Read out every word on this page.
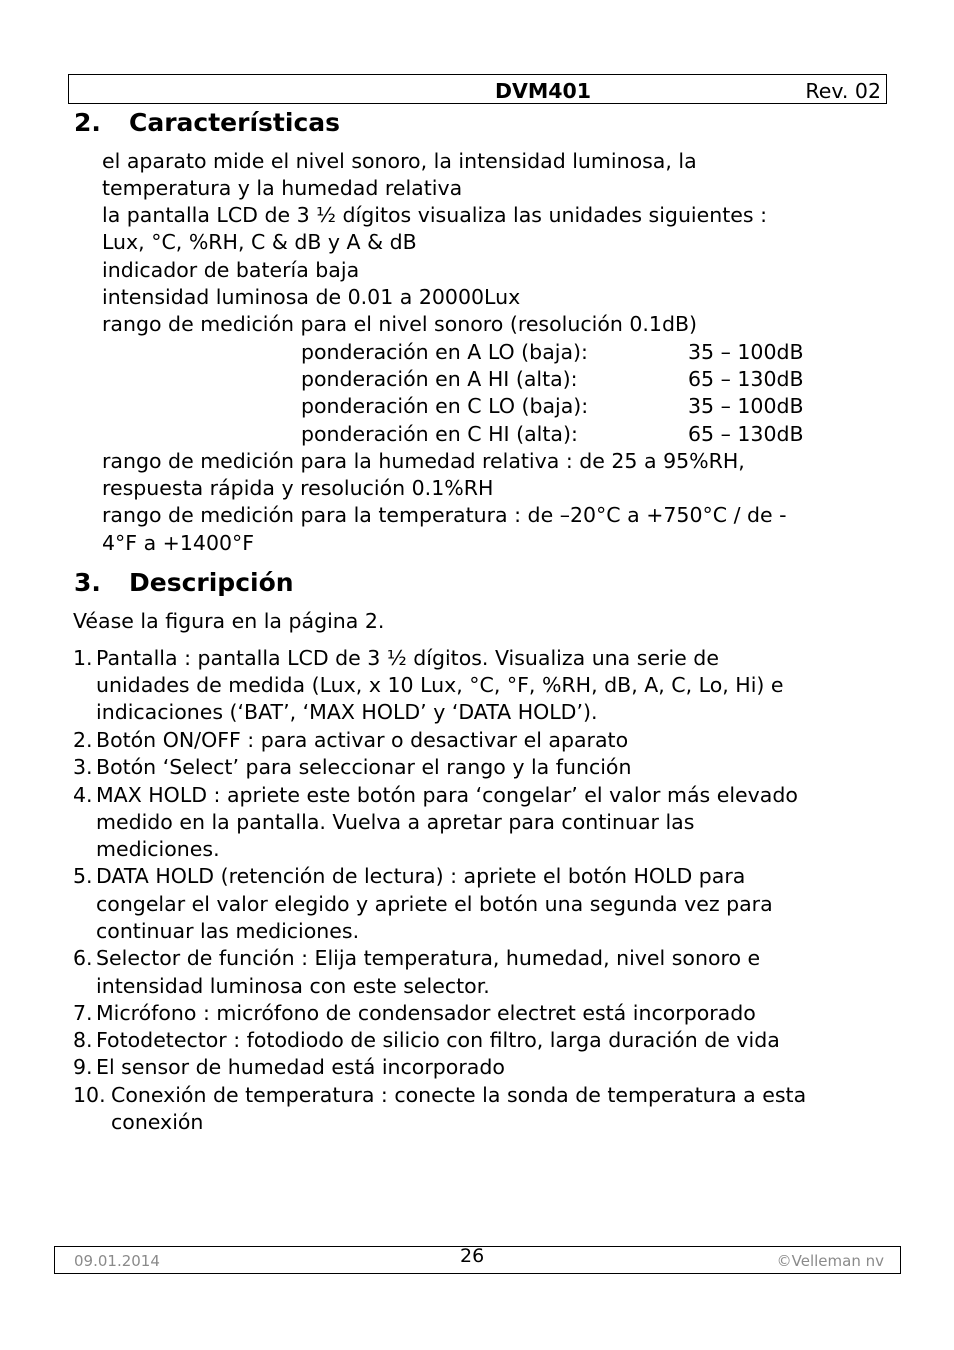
DVM401	Rev. 02
2. Características
el aparato mide el nivel sonoro, la intensidad luminosa, la
temperatura y la humedad relativa
la pantalla LCD de 3 ½ dígitos visualiza las unidades siguientes :
Lux, °C, %RH, C & dB y A & dB
indicador de batería baja
intensidad luminosa de 0.01 a 20000Lux
rango de medición para el nivel sonoro (resolución 0.1dB)
ponderación en A LO (baja):	35 – 100dB
ponderación en A HI (alta):	65 – 130dB
ponderación en C LO (baja):	35 – 100dB
ponderación en C HI (alta):	65 – 130dB
rango de medición para la humedad relativa : de 25 a 95%RH,
respuesta rápida y resolución 0.1%RH
rango de medición para la temperatura : de –20°C a +750°C / de -
4°F a +1400°F
3. Descripción
Véase la figura en la página 2.
1. Pantalla : pantalla LCD de 3 ½ dígitos. Visualiza una serie de
unidades de medida (Lux, x 10 Lux, °C, °F, %RH, dB, A, C, Lo, Hi) e
indicaciones (‘BAT’, ‘MAX HOLD’ y ‘DATA HOLD’).
2. Botón ON/OFF : para activar o desactivar el aparato
3. Botón ‘Select’ para seleccionar el rango y la función
4. MAX HOLD : apriete este botón para ‘congelar’ el valor más elevado
medido en la pantalla. Vuelva a apretar para continuar las
mediciones.
5. DATA HOLD (retención de lectura) : apriete el botón HOLD para
congelar el valor elegido y apriete el botón una segunda vez para
continuar las mediciones.
6. Selector de función : Elija temperatura, humedad, nivel sonoro e
intensidad luminosa con este selector.
7. Micrófono : micrófono de condensador electret está incorporado
8. Fotodetector : fotodiodo de silicio con filtro, larga duración de vida
9. El sensor de humedad está incorporado
10. Conexión de temperatura : conecte la sonda de temperatura a esta
conexión
09.01.2014	26	©Velleman nv
